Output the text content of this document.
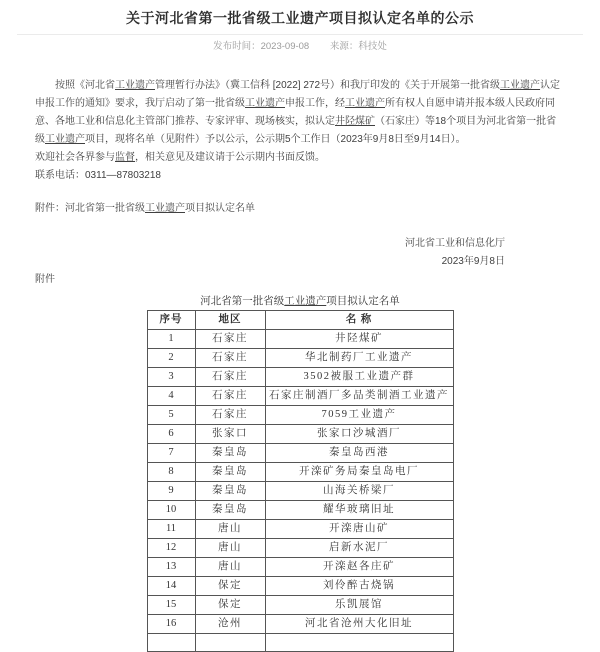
关于河北省第一批省级工业遗产项目拟认定名单的公示
发布时间：2023-09-08 来源：科技处

按照《河北省工业遗产管理暂行办法》（冀工信科 [2022] 272号）和我厅印发的《关于开展第一批省级工业遗产认定申报工作的通知》要求，我厅启动了第一批省级工业遗产申报工作，经工业遗产所有权人自愿申请并报本级人民政府同意、各地工业和信息化主管部门推荐、专家评审、现场核实，拟认定井陉煤矿（石家庄）等18个项目为河北省第一批省级工业遗产项目，现将名单（见附件）予以公示，公示期5个工作日（2023年9月8日至9月14日）。

欢迎社会各界参与监督，相关意见及建议请于公示期内书面反馈。

联系电话：0311—87803218

附件：河北省第一批省级工业遗产项目拟认定名单

河北省工业和信息化厅
2023年9月8日

附件

河北省第一批省级工业遗产项目拟认定名单
序号	地区	名 称
1	石家庄	井陉煤矿
2	石家庄	华北制药厂工业遗产
3	石家庄	3502被服工业遗产群
4	石家庄	石家庄制酒厂多品类制酒工业遗产
5	石家庄	7059工业遗产
6	张家口	张家口沙城酒厂
7	秦皇岛	秦皇岛西港
8	秦皇岛	开滦矿务局秦皇岛电厂
9	秦皇岛	山海关桥梁厂
10	秦皇岛	耀华玻璃旧址
11	唐山	开滦唐山矿
12	唐山	启新水泥厂
13	唐山	开滦赵各庄矿
14	保定	刘伶醉古烧锅
15	保定	乐凯展馆
16	沧州	河北省沧州大化旧址
